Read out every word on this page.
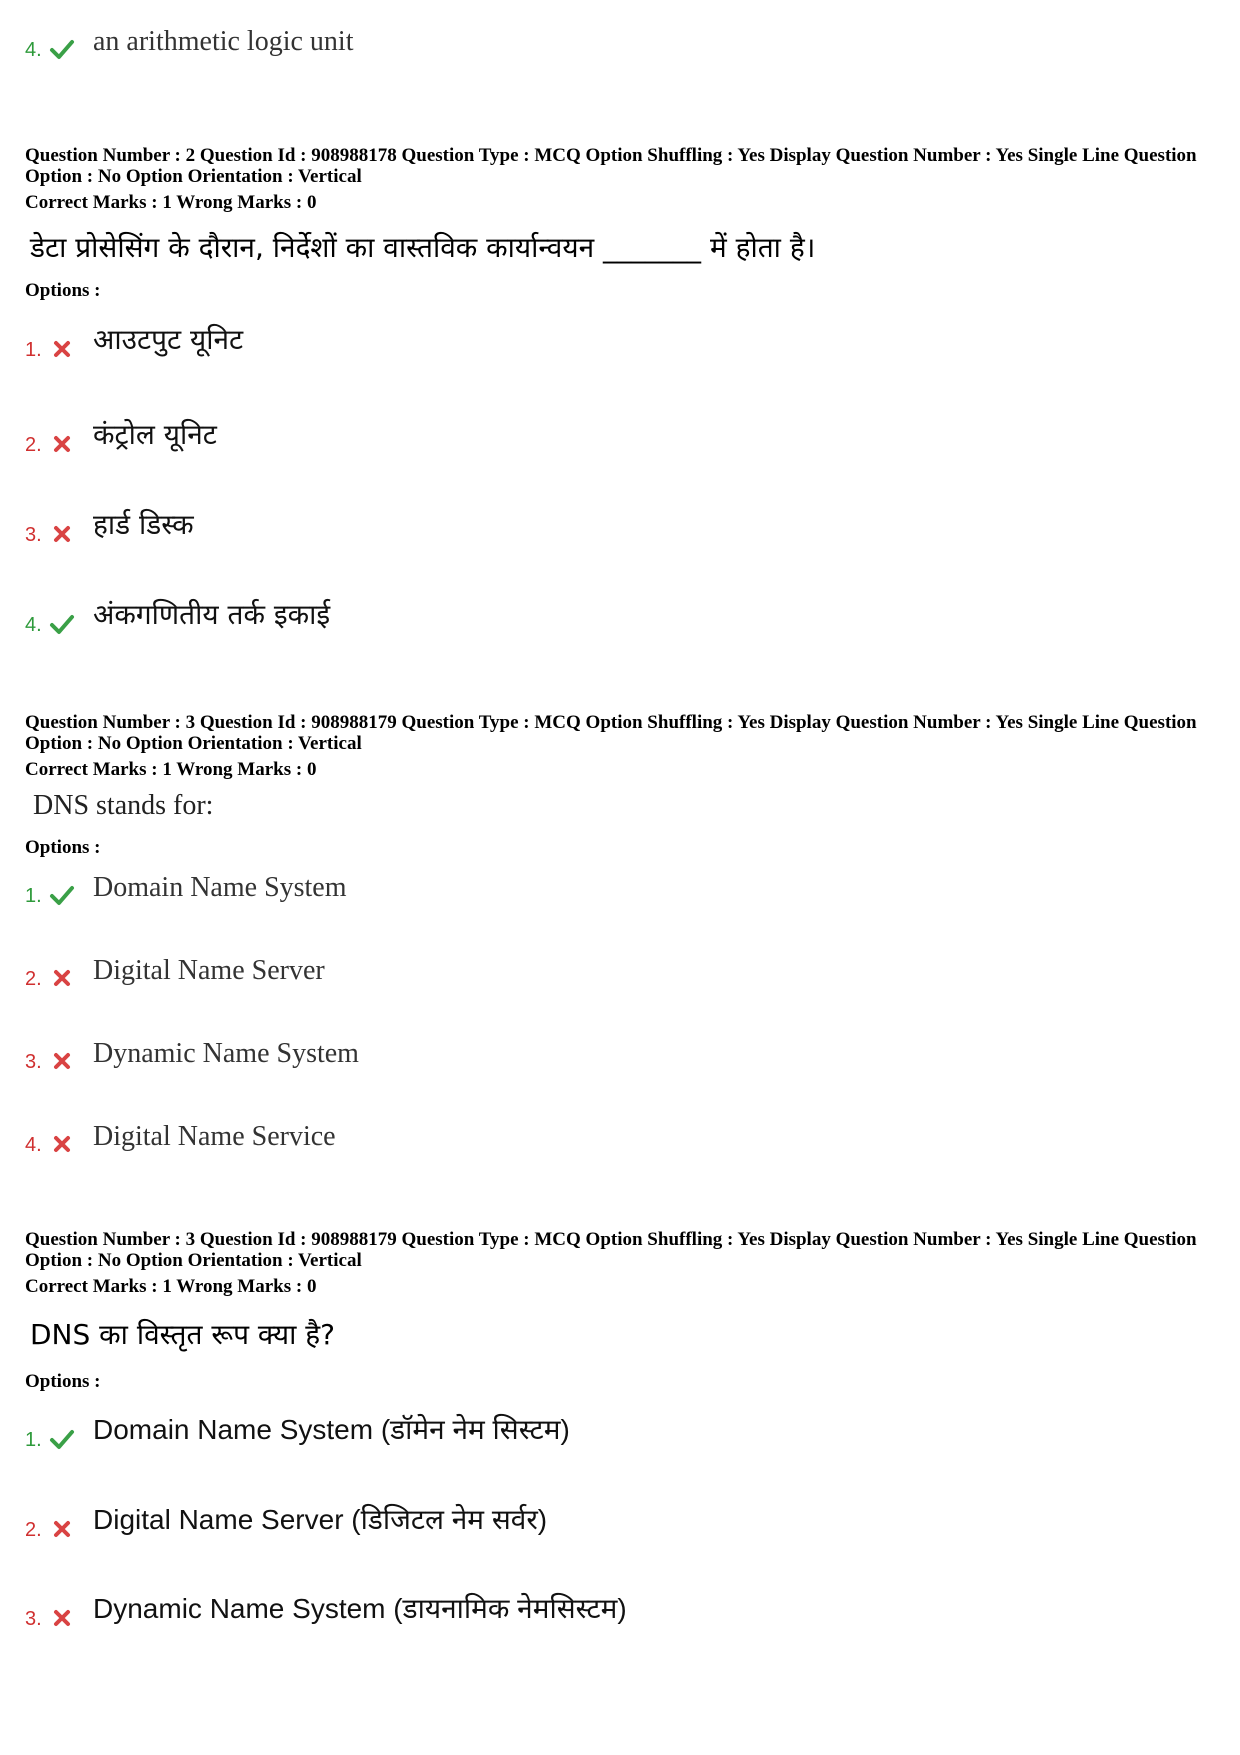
4. an arithmetic logic unit
Question Number : 2 Question Id : 908988178 Question Type : MCQ Option Shuffling : Yes Display Question Number : Yes Single Line Question Option : No Option Orientation : Vertical
Correct Marks : 1 Wrong Marks : 0
डेटा प्रोसेसिंग के दौरान, निर्देशों का वास्तविक कार्यान्वयन _______ में होता है।
Options :
1. आउटपुट यूनिट
2. कंट्रोल यूनिट
3. हार्ड डिस्क
4. अंकगणितीय तर्क इकाई
Question Number : 3 Question Id : 908988179 Question Type : MCQ Option Shuffling : Yes Display Question Number : Yes Single Line Question Option : No Option Orientation : Vertical
Correct Marks : 1 Wrong Marks : 0
DNS stands for:
Options :
1. Domain Name System
2. Digital Name Server
3. Dynamic Name System
4. Digital Name Service
Question Number : 3 Question Id : 908988179 Question Type : MCQ Option Shuffling : Yes Display Question Number : Yes Single Line Question Option : No Option Orientation : Vertical
Correct Marks : 1 Wrong Marks : 0
DNS का विस्तृत रूप क्या है?
Options :
1. Domain Name System (डॉमेन नेम सिस्टम)
2. Digital Name Server (डिजिटल नेम सर्वर)
3. Dynamic Name System (डायनामिक नेमसिस्टम)
